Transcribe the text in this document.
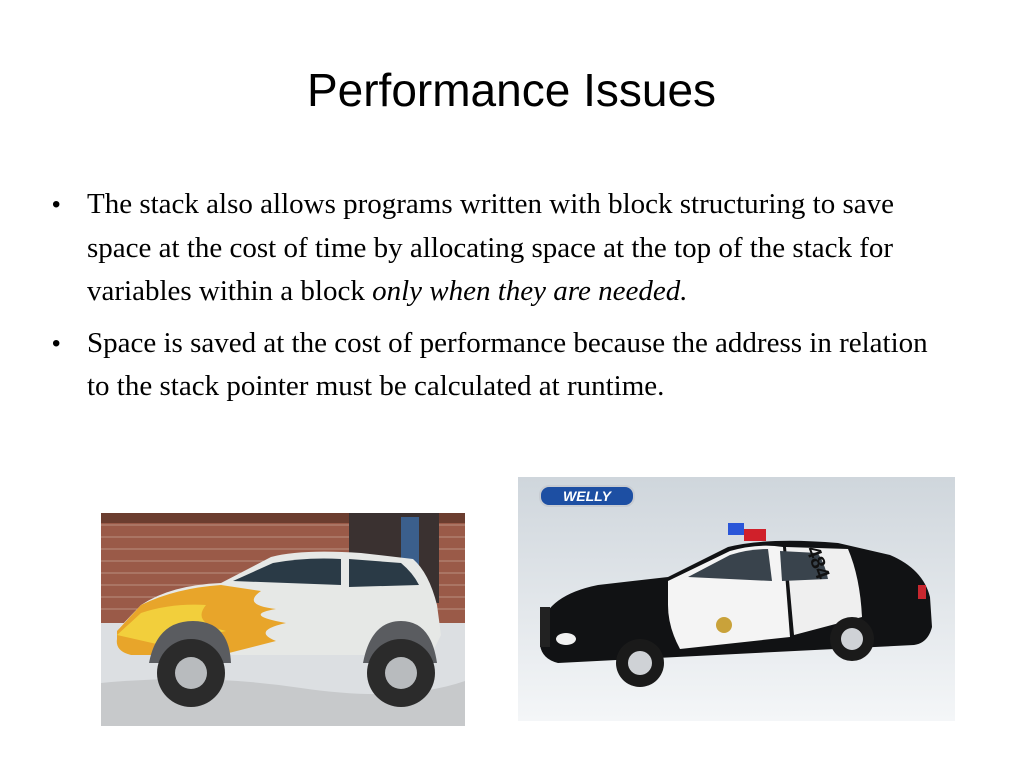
Performance Issues
• The stack also allows programs written with block structuring to save space at the cost of time by allocating space at the top of the stack for variables within a block only when they are needed.
• Space is saved at the cost of performance because the address in relation to the stack pointer must be calculated at runtime.
WELLY
484
